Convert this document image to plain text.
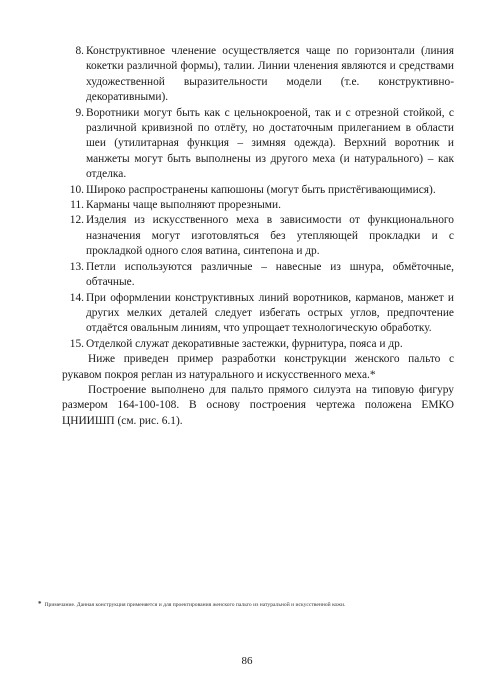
8. Конструктивное членение осуществляется чаще по горизонтали (линия кокетки различной формы), талии. Линии членения являются и средствами художественной выразительности модели (т.е. конструктивно-декоративными).

9. Воротники могут быть как с цельнокроеной, так и с отрезной стойкой, с различной кривизной по отлёту, но достаточным прилеганием в области шеи (утилитарная функция – зимняя одежда). Верхний воротник и манжеты могут быть выполнены из другого меха (и натурального) – как отделка.

10. Широко распространены капюшоны (могут быть пристёгивающимися).

11. Карманы чаще выполняют прорезными.

12. Изделия из искусственного меха в зависимости от функционального назначения могут изготовляться без утепляющей прокладки и с прокладкой одного слоя ватина, синтепона и др.

13. Петли используются различные – навесные из шнура, обмёточные, обтачные.

14. При оформлении конструктивных линий воротников, карманов, манжет и других мелких деталей следует избегать острых углов, предпочтение отдаётся овальным линиям, что упрощает технологическую обработку.

15. Отделкой служат декоративные застежки, фурнитура, пояса и др.

Ниже приведен пример разработки конструкции женского пальто с рукавом покроя реглан из натурального и искусственного меха.*

Построение выполнено для пальто прямого силуэта на типовую фигуру размером 164-100-108. В основу построения чертежа положена ЕМКО ЦНИИШП (см. рис. 6.1).

* Примечание. Данная конструкция применяется и для проектирования женского пальто из натуральной и искусственной кожи.
86
